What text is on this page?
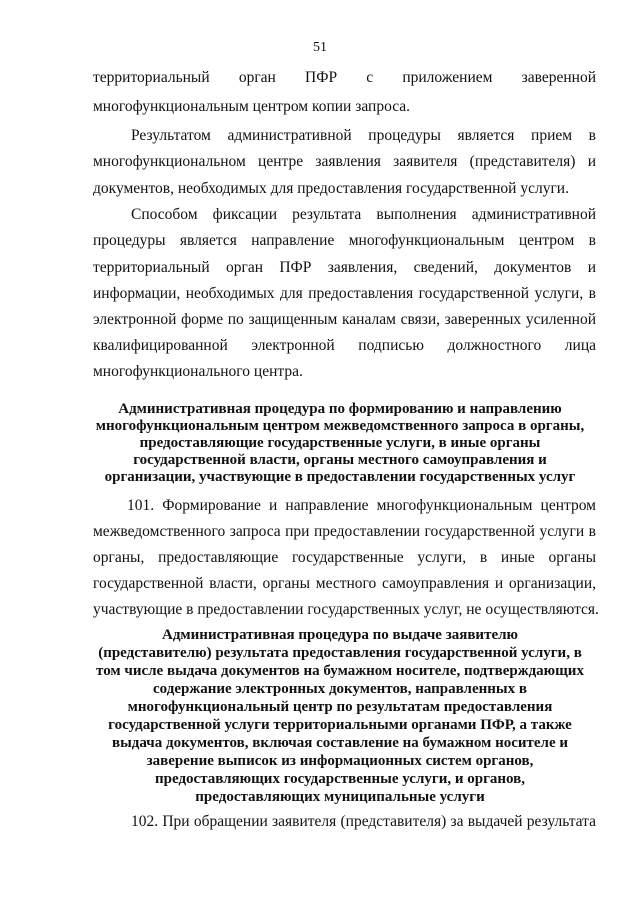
51
территориальный орган ПФР с приложением заверенной
многофункциональным центром копии запроса.
Результатом административной процедуры является прием в
многофункциональном центре заявления заявителя (представителя) и
документов, необходимых для предоставления государственной услуги.
Способом фиксации результата выполнения административной
процедуры является направление многофункциональным центром в
территориальный орган ПФР заявления, сведений, документов и
информации, необходимых для предоставления государственной услуги, в
электронной форме по защищенным каналам связи, заверенных усиленной
квалифицированной электронной подписью должностного лица
многофункционального центра.
Административная процедура по формированию и направлению
многофункциональным центром межведомственного запроса в органы,
предоставляющие государственные услуги, в иные органы
государственной власти, органы местного самоуправления и
организации, участвующие в предоставлении государственных услуг
101. Формирование и направление многофункциональным центром
межведомственного запроса при предоставлении государственной услуги в
органы, предоставляющие государственные услуги, в иные органы
государственной власти, органы местного самоуправления и организации,
участвующие в предоставлении государственных услуг, не осуществляются.
Административная процедура по выдаче заявителю
(представителю) результата предоставления государственной услуги, в
том числе выдача документов на бумажном носителе, подтверждающих
содержание электронных документов, направленных в
многофункциональный центр по результатам предоставления
государственной услуги территориальными органами ПФР, а также
выдача документов, включая составление на бумажном носителе и
заверение выписок из информационных систем органов,
предоставляющих государственные услуги, и органов,
предоставляющих муниципальные услуги
102. При обращении заявителя (представителя) за выдачей результата
